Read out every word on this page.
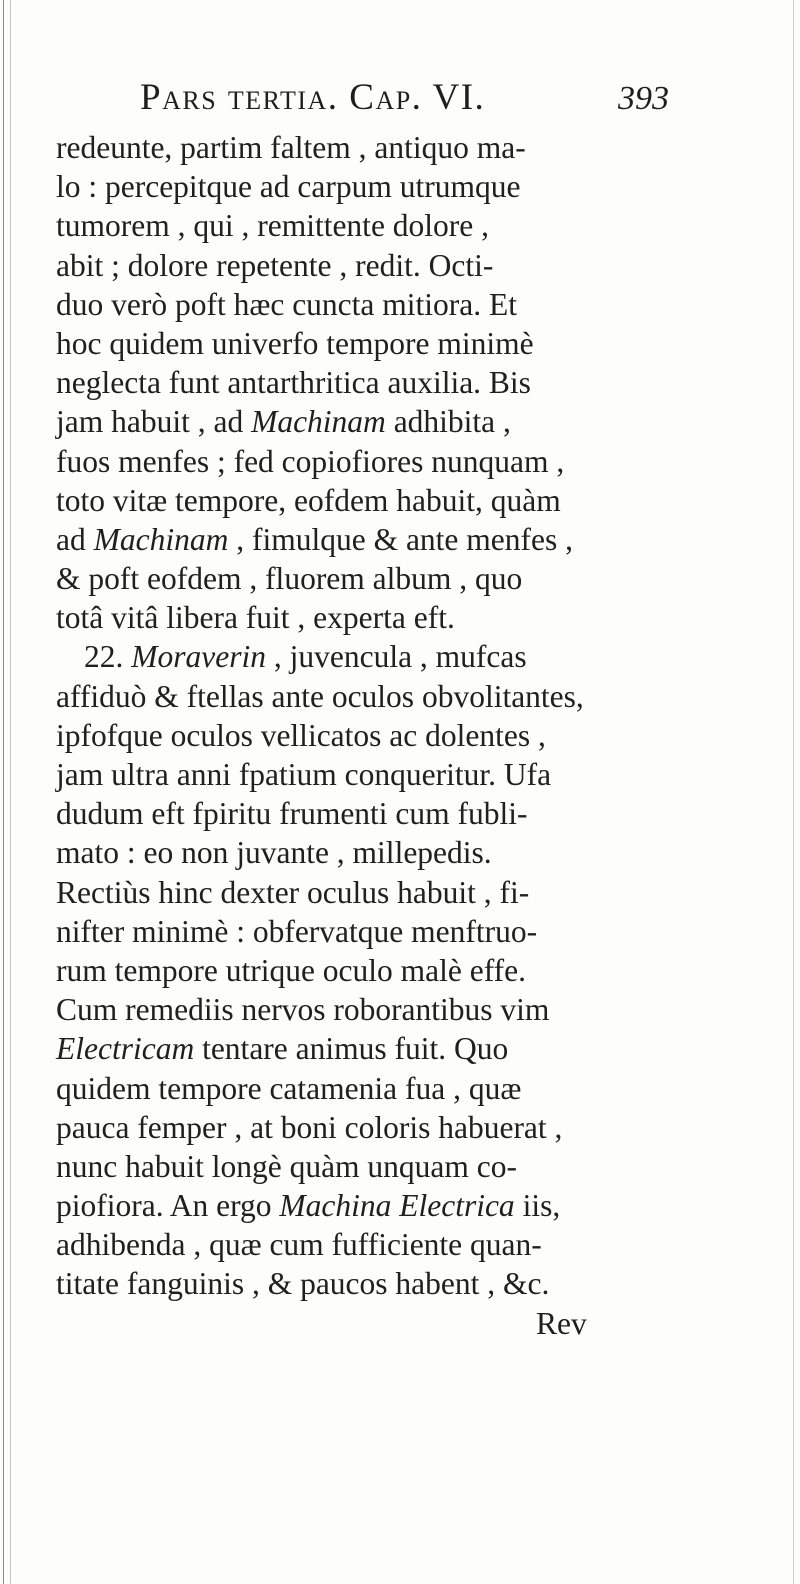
Pars tertia. Cap. VI.	393
redeunte, partim faltem , antiquo ma-
lo : percepitque ad carpum utrumque
tumorem , qui , remittente dolore ,
abit ; dolore repetente , redit. Octi-
duo verò poft hæc cuncta mitiora. Et
hoc quidem univerfo tempore minimè
neglecta funt antarthritica auxilia. Bis
jam habuit , ad Machinam adhibita ,
fuos menfes ; fed copiofiores nunquam ,
toto vitæ tempore, eofdem habuit, quàm
ad Machinam , fimulque & ante menfes ,
& poft eofdem , fluorem album , quo
totâ vitâ libera fuit , experta eft.
22. Moraverin , juvencula , mufcas
affiduò & ftellas ante oculos obvolitantes,
ipfofque oculos vellicatos ac dolentes ,
jam ultra anni fpatium conqueritur. Ufa
dudum eft fpiritu frumenti cum fubli-
mato : eo non juvante , millepedis.
Rectiùs hinc dexter oculus habuit , fi-
nifter minimè : obfervatque menftruo-
rum tempore utrique oculo malè effe.
Cum remediis nervos roborantibus vim
Electricam tentare animus fuit. Quo
quidem tempore catamenia fua , quæ
pauca femper , at boni coloris habuerat ,
nunc habuit longè quàm unquam co-
piofiora. An ergo Machina Electrica iis,
adhibenda , quæ cum fufficiente quan-
titate fanguinis , & paucos habent , &c.
Rev
